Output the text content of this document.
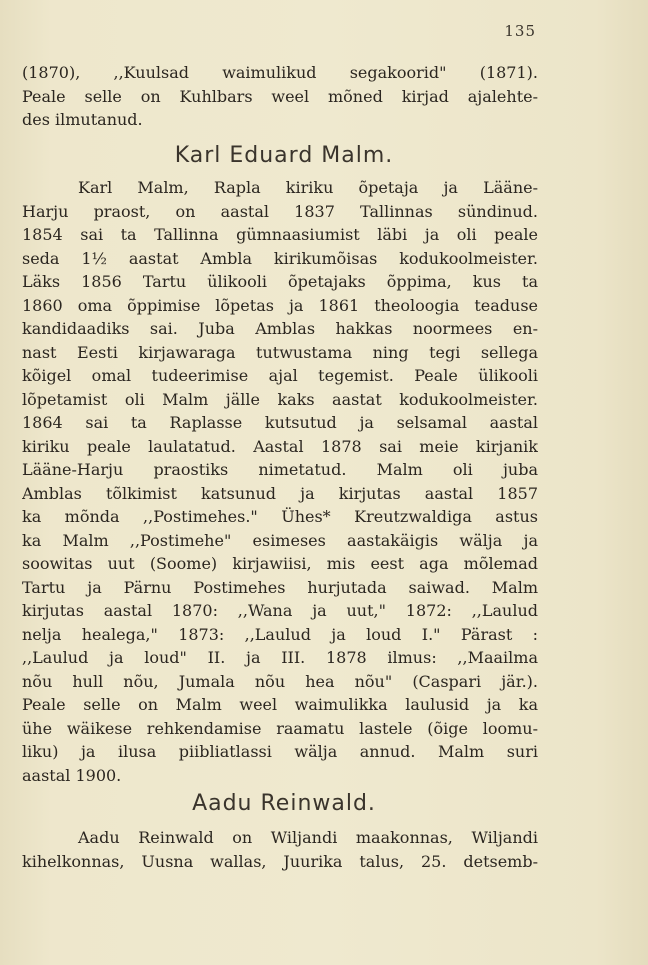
135
(1870), ,,Kuulsad waimulikud segakoorid" (1871).
Peale selle on Kuhlbars weel mõned kirjad ajalehte-
des ilmutanud.
Karl Eduard Malm.
Karl Malm, Rapla kiriku õpetaja ja Lääne-
Harju praost, on aastal 1837 Tallinnas sündinud.
1854 sai ta Tallinna gümnaasiumist läbi ja oli peale
seda 1½ aastat Ambla kirikumõisas kodukoolmeister.
Läks 1856 Tartu ülikooli õpetajaks õppima, kus ta
1860 oma õppimise lõpetas ja 1861 theoloogia teaduse
kandidaadiks sai. Juba Amblas hakkas noormees en-
nast Eesti kirjawaraga tutwustama ning tegi sellega
kõigel omal tudeerimise ajal tegemist. Peale ülikooli
lõpetamist oli Malm jälle kaks aastat kodukoolmeister.
1864 sai ta Raplasse kutsutud ja selsamal aastal
kiriku peale laulatatud. Aastal 1878 sai meie kirjanik
Lääne-Harju praostiks nimetatud. Malm oli juba
Amblas tõlkimist katsunud ja kirjutas aastal 1857
ka mõnda ,,Postimehes." Ühes* Kreutzwaldiga astus
ka Malm ,,Postimehe" esimeses aastakäigis wälja ja
soowitas uut (Soome) kirjawiisi, mis eest aga mõlemad
Tartu ja Pärnu Postimehes hurjutada saiwad. Malm
kirjutas aastal 1870: ,,Wana ja uut," 1872: ,,Laulud
nelja healega," 1873: ,,Laulud ja loud I." Pärast :
,,Laulud ja loud" II. ja III. 1878 ilmus: ,,Maailma
nõu hull nõu, Jumala nõu hea nõu" (Caspari jär.).
Peale selle on Malm weel waimulikka laulusid ja ka
ühe wäikese rehkendamise raamatu lastele (õige loomu-
liku) ja ilusa piibliatlassi wälja annud. Malm suri
aastal 1900.
Aadu Reinwald.
Aadu Reinwald on Wiljandi maakonnas, Wiljandi
kihelkonnas, Uusna wallas, Juurika talus, 25. detsemb-
